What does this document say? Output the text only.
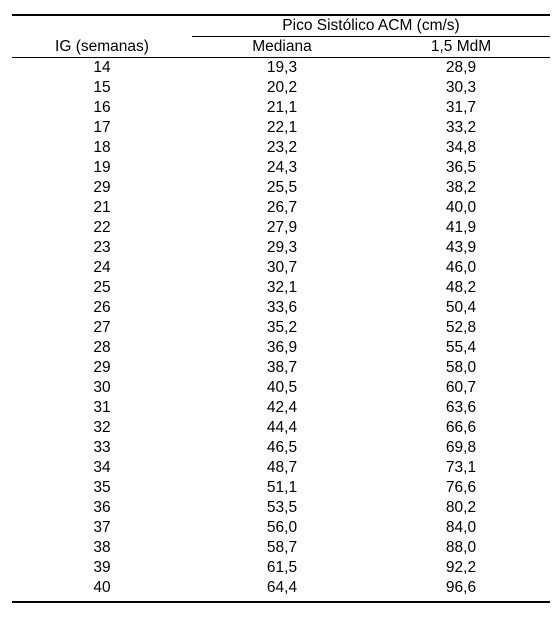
	Pico Sistólico ACM (cm/s)	

IG (semanas)	Mediana	1,5 MdM
14	19,3	28,9
15	20,2	30,3
16	21,1	31,7
17	22,1	33,2
18	23,2	34,8
19	24,3	36,5
29	25,5	38,2
21	26,7	40,0
22	27,9	41,9
23	29,3	43,9
24	30,7	46,0
25	32,1	48,2
26	33,6	50,4
27	35,2	52,8
28	36,9	55,4
29	38,7	58,0
30	40,5	60,7
31	42,4	63,6
32	44,4	66,6
33	46,5	69,8
34	48,7	73,1
35	51,1	76,6
36	53,5	80,2
37	56,0	84,0
38	58,7	88,0
39	61,5	92,2
40	64,4	96,6
